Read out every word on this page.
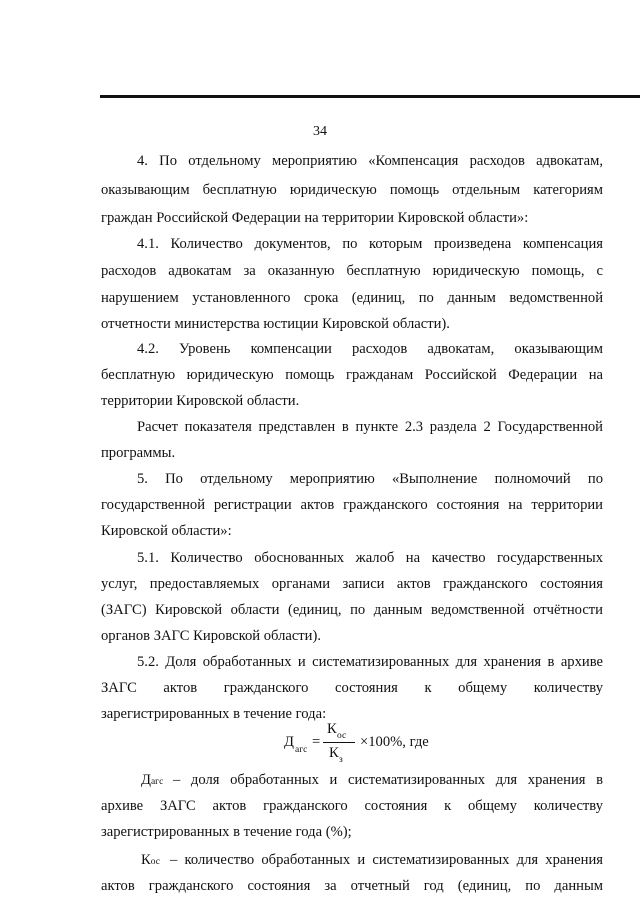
34
4. По отдельному мероприятию «Компенсация расходов адвокатам,
оказывающим бесплатную юридическую помощь отдельным категориям
граждан Российской Федерации на территории Кировской области»:
4.1. Количество документов, по которым произведена компенсация
расходов адвокатам за оказанную бесплатную юридическую помощь, с
нарушением установленного срока (единиц, по данным ведомственной
отчетности министерства юстиции Кировской области).
4.2. Уровень компенсации расходов адвокатам, оказывающим
бесплатную юридическую помощь гражданам Российской Федерации на
территории Кировской области.
Расчет показателя представлен в пункте 2.3 раздела 2 Государственной
программы.
5. По отдельному мероприятию «Выполнение полномочий по
государственной регистрации актов гражданского состояния на территории
Кировской области»:
5.1. Количество обоснованных жалоб на качество государственных
услуг, предоставляемых органами записи актов гражданского состояния
(ЗАГС) Кировской области (единиц, по данным ведомственной отчётности
органов ЗАГС Кировской области).
5.2. Доля обработанных и систематизированных для хранения в архиве
ЗАГС актов гражданского состояния к общему количеству
зарегистрированных в течение года:
Д агс =
К ос
К з
×100%, где
Дагс – доля обработанных и систематизированных для хранения в
архиве ЗАГС актов гражданского состояния к общему количеству
зарегистрированных в течение года (%);
Кос – количество обработанных и систематизированных для хранения
актов гражданского состояния за отчетный год (единиц, по данным
